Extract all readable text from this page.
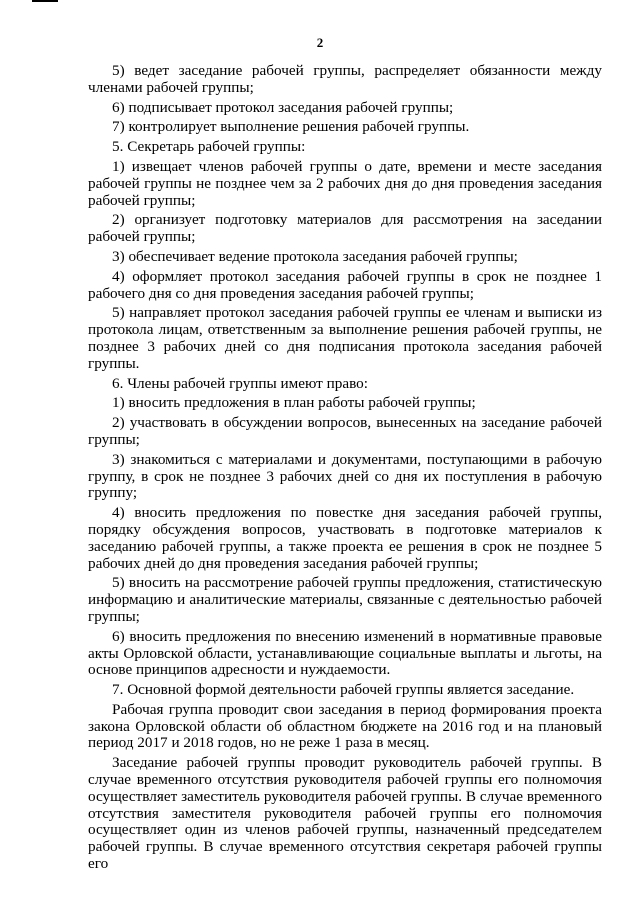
2

5) ведет заседание рабочей группы, распределяет обязанности между членами рабочей группы;

6) подписывает протокол заседания рабочей группы;

7) контролирует выполнение решения рабочей группы.

5. Секретарь рабочей группы:

1) извещает членов рабочей группы о дате, времени и месте заседания рабочей группы не позднее чем за 2 рабочих дня до дня проведения заседания рабочей группы;

2) организует подготовку материалов для рассмотрения на заседании рабочей группы;

3) обеспечивает ведение протокола заседания рабочей группы;

4) оформляет протокол заседания рабочей группы в срок не позднее 1 рабочего дня со дня проведения заседания рабочей группы;

5) направляет протокол заседания рабочей группы ее членам и выписки из протокола лицам, ответственным за выполнение решения рабочей группы, не позднее 3 рабочих дней со дня подписания протокола заседания рабочей группы.

6. Члены рабочей группы имеют право:

1) вносить предложения в план работы рабочей группы;

2) участвовать в обсуждении вопросов, вынесенных на заседание рабочей группы;

3) знакомиться с материалами и документами, поступающими в рабочую группу, в срок не позднее 3 рабочих дней со дня их поступления в рабочую группу;

4) вносить предложения по повестке дня заседания рабочей группы, порядку обсуждения вопросов, участвовать в подготовке материалов к заседанию рабочей группы, а также проекта ее решения в срок не позднее 5 рабочих дней до дня проведения заседания рабочей группы;

5) вносить на рассмотрение рабочей группы предложения, статистическую информацию и аналитические материалы, связанные с деятельностью рабочей группы;

6) вносить предложения по внесению изменений в нормативные правовые акты Орловской области, устанавливающие социальные выплаты и льготы, на основе принципов адресности и нуждаемости.

7. Основной формой деятельности рабочей группы является заседание.

Рабочая группа проводит свои заседания в период формирования проекта закона Орловской области об областном бюджете на 2016 год и на плановый период 2017 и 2018 годов, но не реже 1 раза в месяц.

Заседание рабочей группы проводит руководитель рабочей группы. В случае временного отсутствия руководителя рабочей группы его полномочия осуществляет заместитель руководителя рабочей группы. В случае временного отсутствия заместителя руководителя рабочей группы его полномочия осуществляет один из членов рабочей группы, назначенный председателем рабочей группы. В случае временного отсутствия секретаря рабочей группы его
